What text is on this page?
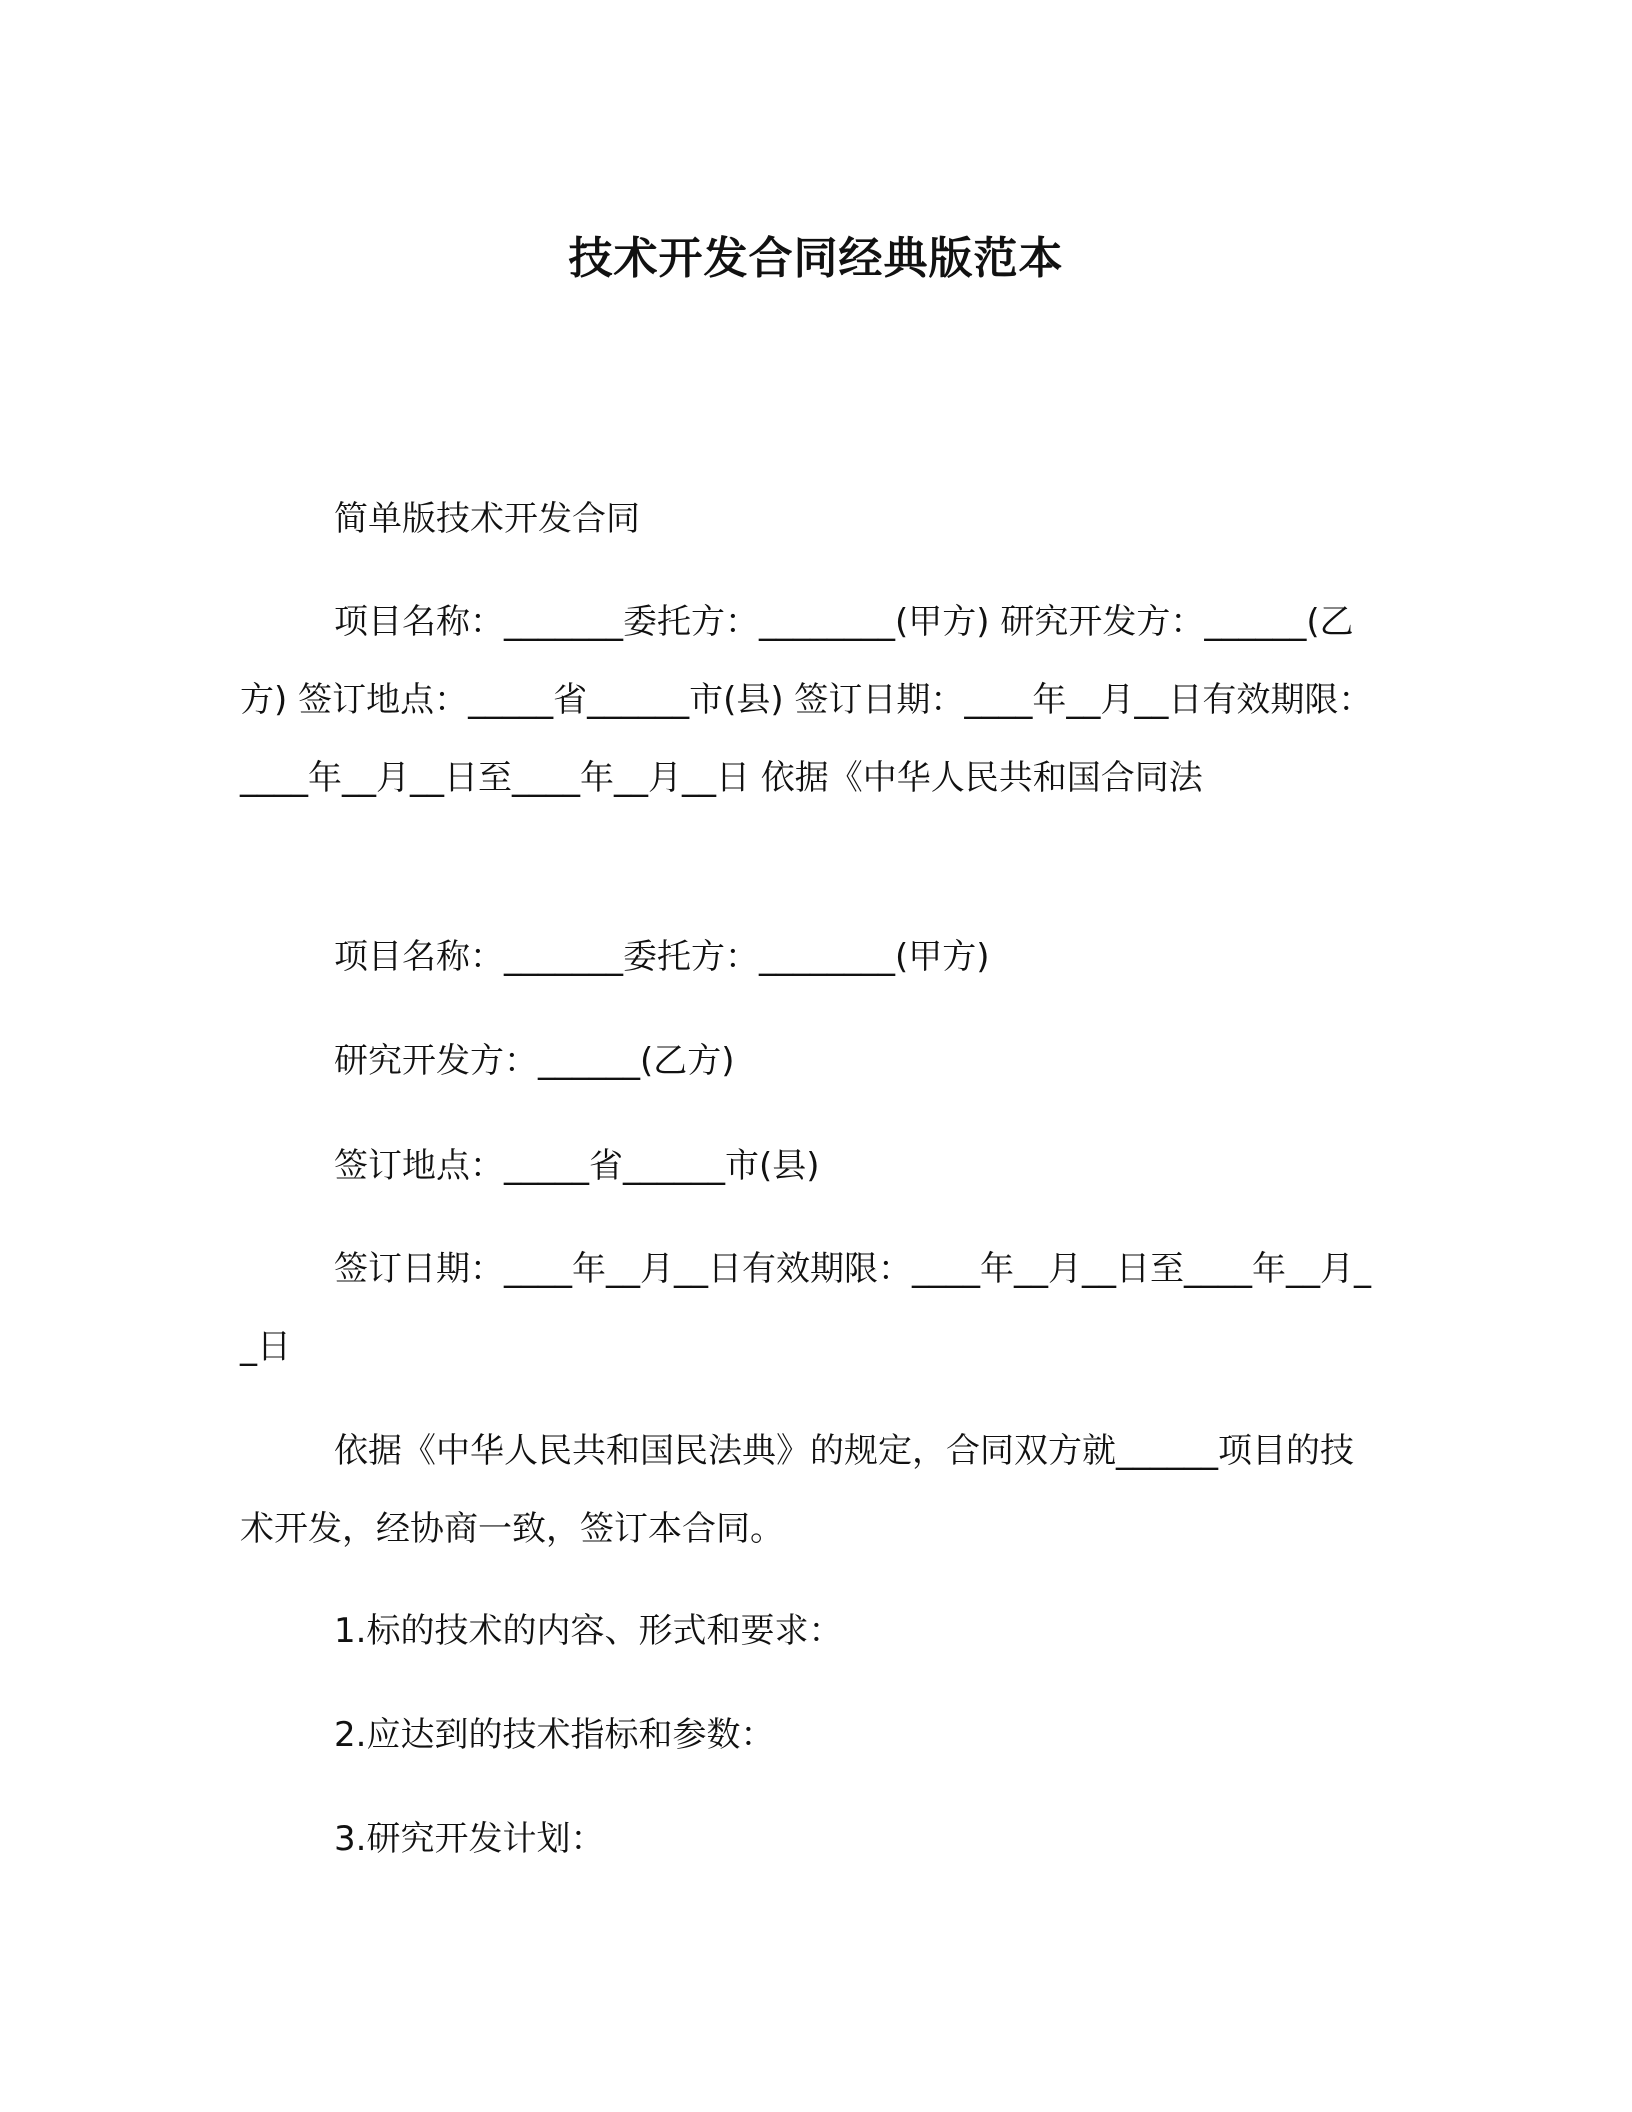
技术开发合同经典版范本

简单版技术开发合同

项目名称：_______委托方：________(甲方) 研究开发方：______(乙方) 签订地点：_____省______市(县) 签订日期：____年__月__日有效期限：____年__月__日至____年__月__日 依据《中华人民共和国合同法

项目名称：_______委托方：________(甲方)

研究开发方：______(乙方)

签订地点：_____省______市(县)

签订日期：____年__月__日有效期限：____年__月__日至____年__月__日

依据《中华人民共和国民法典》的规定，合同双方就______项目的技术开发，经协商一致，签订本合同。

1.标的技术的内容、形式和要求：

2.应达到的技术指标和参数：

3.研究开发计划：
